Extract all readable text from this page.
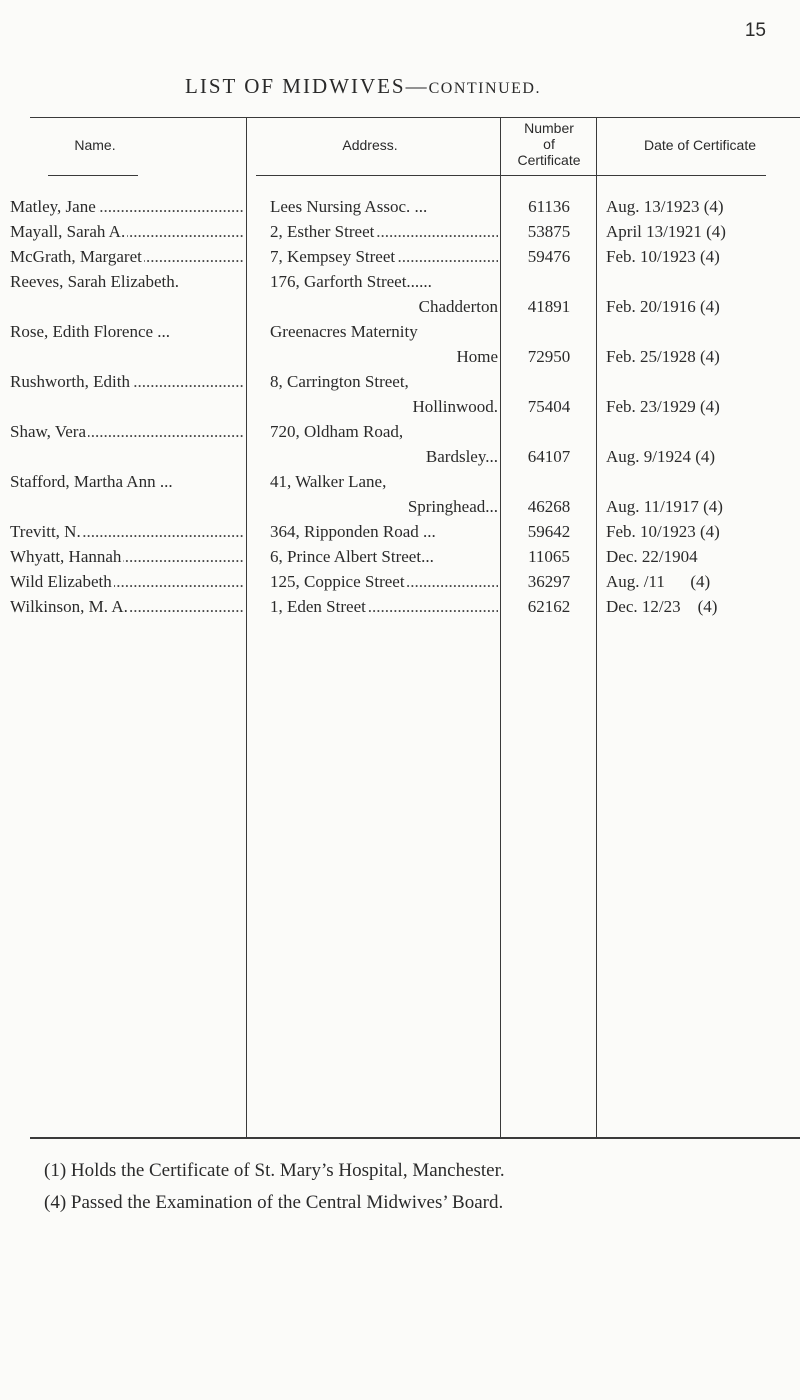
15
LIST OF MIDWIVES—CONTINUED.
Name.	Address.
Number
of
Certificate
Date of Certificate
Matley, Jane .....	Lees Nursing Assoc. ...	61136	Aug. 13/1923 (4)
Mayall, Sarah A. .....	2, Esther Street .....	53875	April 13/1921 (4)
McGrath, Margaret .....	7, Kempsey Street .....	59476	Feb. 10/1923 (4)
Reeves, Sarah Elizabeth.	176, Garforth Street......
Chadderton	41891	Feb. 20/1916 (4)
Rose, Edith Florence ...	Greenacres Maternity
Home	72950	Feb. 25/1928 (4)
Rushworth, Edith .....	8, Carrington Street,
Hollinwood.	75404	Feb. 23/1929 (4)
Shaw, Vera .....	720, Oldham Road,
Bardsley...	64107	Aug. 9/1924 (4)
Stafford, Martha Ann ...	41, Walker Lane,
Springhead...	46268	Aug. 11/1917 (4)
Trevitt, N. .....	364, Ripponden Road ...	59642	Feb. 10/1923 (4)
Whyatt, Hannah .....	6, Prince Albert Street...	11065	Dec. 22/1904
Wild Elizabeth .....	125, Coppice Street .....	36297	Aug. /11      (4)
Wilkinson, M. A. .....	1, Eden Street .....	62162	Dec. 12/23    (4)
(1) Holds the Certificate of St. Mary’s Hospital, Manchester.
(4) Passed the Examination of the Central Midwives’ Board.
